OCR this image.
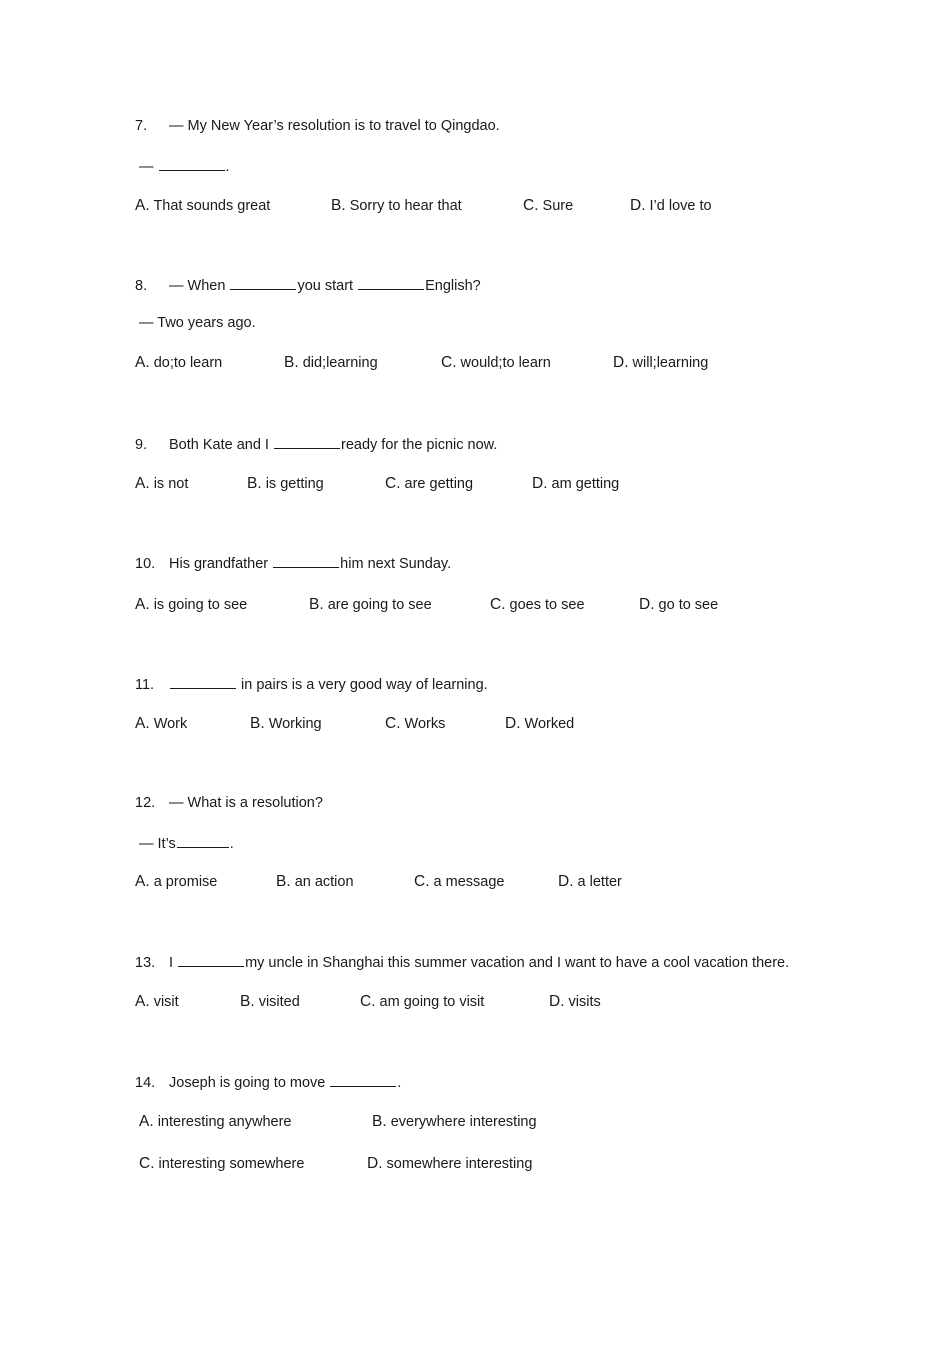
7. — My New Year’s resolution is to travel to Qingdao.
—	.
A. That sounds great	B. Sorry to hear that	C. Sure	D. I’d love to
8. — When	you start	English?
— Two years ago.
A. do;to learn	B. did;learning	C. would;to learn	D. will;learning
9. Both Kate and I	ready for the picnic now.
A. is not	B. is getting	C. are getting	D. am getting
10. His grandfather	him next Sunday.
A. is going to see	B. are going to see	C. goes to see	D. go to see
11.	in pairs is a very good way of learning.
A. Work	B. Working	C. Works	D. Worked
12. — What is a resolution?
— It’s	.
A. a promise	B. an action	C. a message	D. a letter
13. I	my uncle in Shanghai this summer vacation and I want to have a cool vacation there.
A. visit	B. visited	C. am going to visit	D. visits
14. Joseph is going to move	.
A. interesting anywhere	B. everywhere interesting
C. interesting somewhere	D. somewhere interesting
